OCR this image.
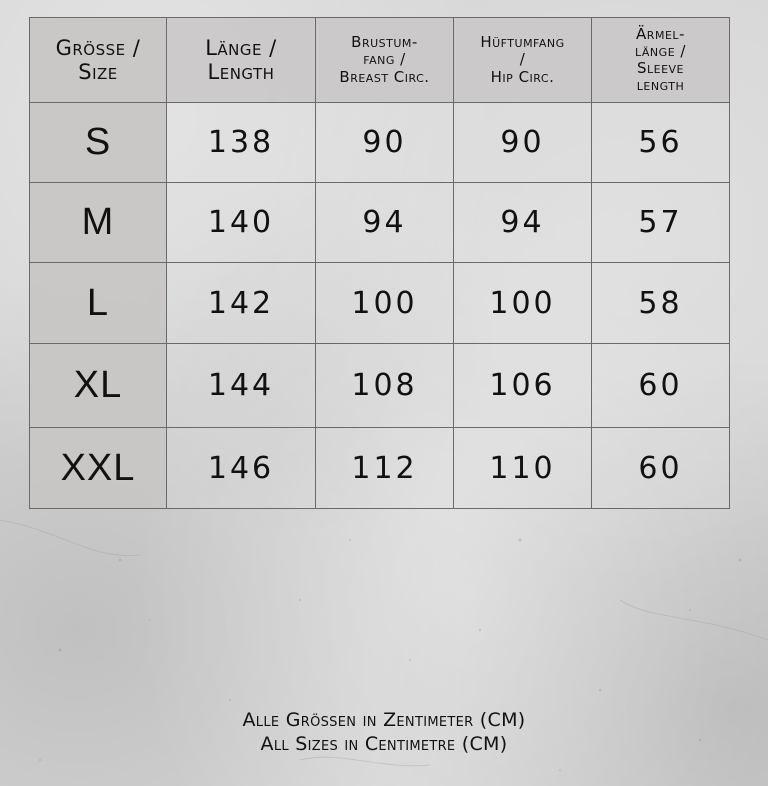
Grösse /
Size	Länge /
Length	Brustum-
fang /
Breast Circ.	Hüftumfang
/
Hip Circ.	Ärmel-
länge /
Sleeve
length

S	138	90	90	56
M	140	94	94	57
L	142	100	100	58
XL	144	108	106	60
XXL	146	112	110	60
Alle Grössen in Zentimeter (CM)
All Sizes in Centimetre (CM)
